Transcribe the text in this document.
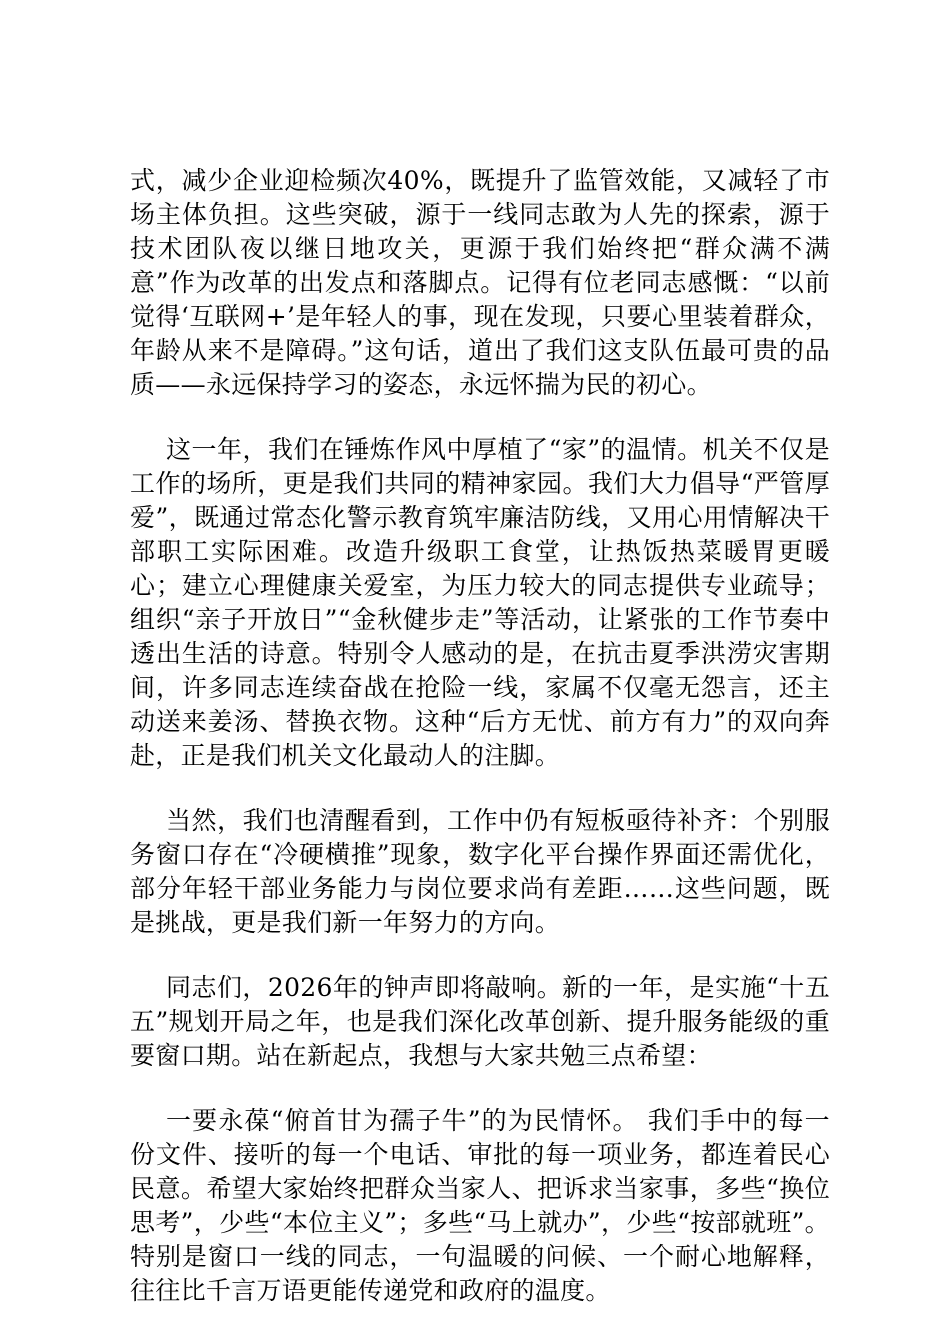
式，减少企业迎检频次40%，既提升了监管效能，又减轻了市场主体负担。这些突破，源于一线同志敢为人先的探索，源于技术团队夜以继日地攻关，更源于我们始终把“群众满不满意”作为改革的出发点和落脚点。记得有位老同志感慨：“以前觉得‘互联网+’是年轻人的事，现在发现，只要心里装着群众，年龄从来不是障碍。”这句话，道出了我们这支队伍最可贵的品质——永远保持学习的姿态，永远怀揣为民的初心。

这一年，我们在锤炼作风中厚植了“家”的温情。机关不仅是工作的场所，更是我们共同的精神家园。我们大力倡导“严管厚爱”，既通过常态化警示教育筑牢廉洁防线，又用心用情解决干部职工实际困难。改造升级职工食堂，让热饭热菜暖胃更暖心；建立心理健康关爱室，为压力较大的同志提供专业疏导；组织“亲子开放日”“金秋健步走”等活动，让紧张的工作节奏中透出生活的诗意。特别令人感动的是，在抗击夏季洪涝灾害期间，许多同志连续奋战在抢险一线，家属不仅毫无怨言，还主动送来姜汤、替换衣物。这种“后方无忧、前方有力”的双向奔赴，正是我们机关文化最动人的注脚。

当然，我们也清醒看到，工作中仍有短板亟待补齐：个别服务窗口存在“冷硬横推”现象，数字化平台操作界面还需优化，部分年轻干部业务能力与岗位要求尚有差距……这些问题，既是挑战，更是我们新一年努力的方向。

同志们，2026年的钟声即将敲响。新的一年，是实施“十五五”规划开局之年，也是我们深化改革创新、提升服务能级的重要窗口期。站在新起点，我想与大家共勉三点希望：

一要永葆“俯首甘为孺子牛”的为民情怀。 我们手中的每一份文件、接听的每一个电话、审批的每一项业务，都连着民心民意。希望大家始终把群众当家人、把诉求当家事，多些“换位思考”，少些“本位主义”；多些“马上就办”，少些“按部就班”。特别是窗口一线的同志，一句温暖的问候、一个耐心地解释，往往比千言万语更能传递党和政府的温度。
